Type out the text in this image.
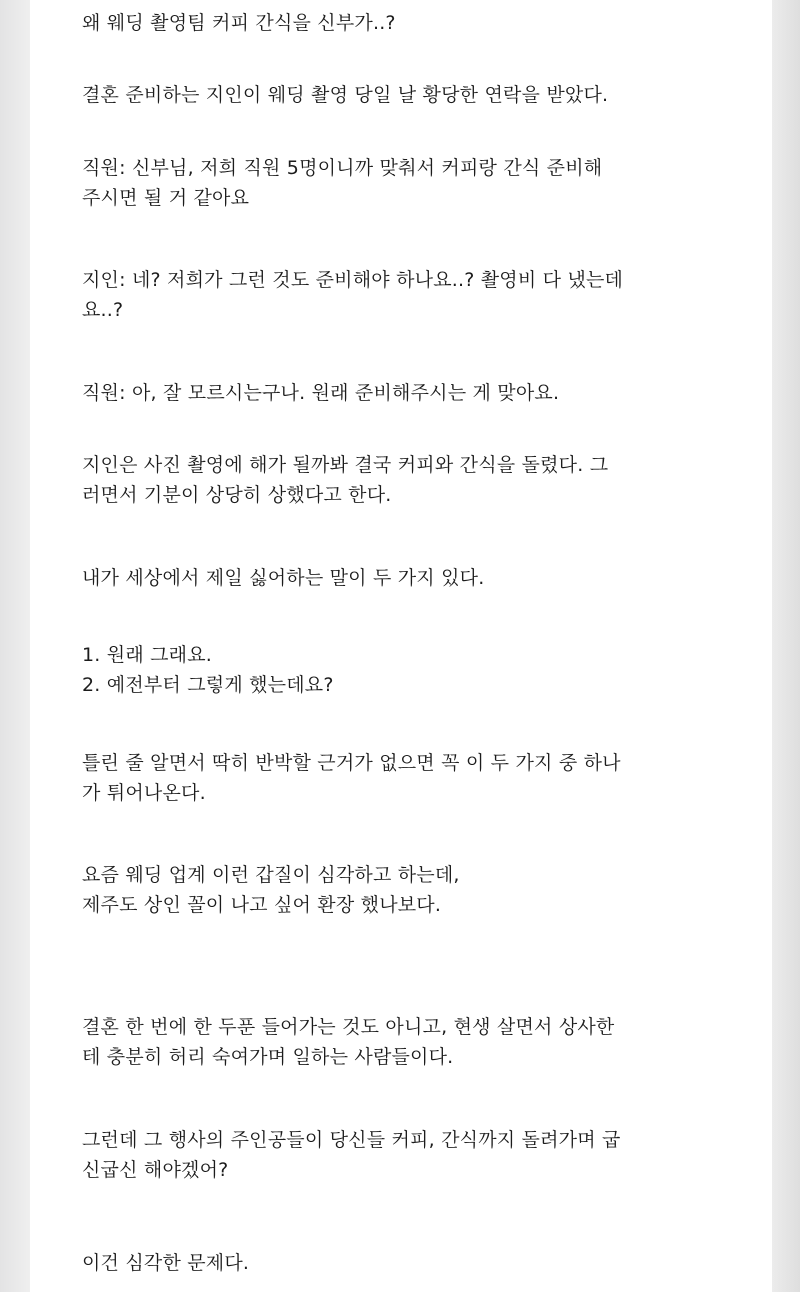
왜 웨딩 촬영팀 커피 간식을 신부가..?

결혼 준비하는 지인이 웨딩 촬영 당일 날 황당한 연락을 받았다.

직원: 신부님, 저희 직원 5명이니까 맞춰서 커피랑 간식 준비해
주시면 될 거 같아요

지인: 네? 저희가 그런 것도 준비해야 하나요..? 촬영비 다 냈는데
요..?

직원: 아, 잘 모르시는구나. 원래 준비해주시는 게 맞아요.

지인은 사진 촬영에 해가 될까봐 결국 커피와 간식을 돌렸다. 그
러면서 기분이 상당히 상했다고 한다.

내가 세상에서 제일 싫어하는 말이 두 가지 있다.

1. 원래 그래요.
2. 예전부터 그렇게 했는데요?

틀린 줄 알면서 딱히 반박할 근거가 없으면 꼭 이 두 가지 중 하나
가 튀어나온다.

요즘 웨딩 업계 이런 갑질이 심각하고 하는데,
제주도 상인 꼴이 나고 싶어 환장 했나보다.

결혼 한 번에 한 두푼 들어가는 것도 아니고, 현생 살면서 상사한
테 충분히 허리 숙여가며 일하는 사람들이다.

그런데 그 행사의 주인공들이 당신들 커피, 간식까지 돌려가며 굽
신굽신 해야겠어?

이건 심각한 문제다.
